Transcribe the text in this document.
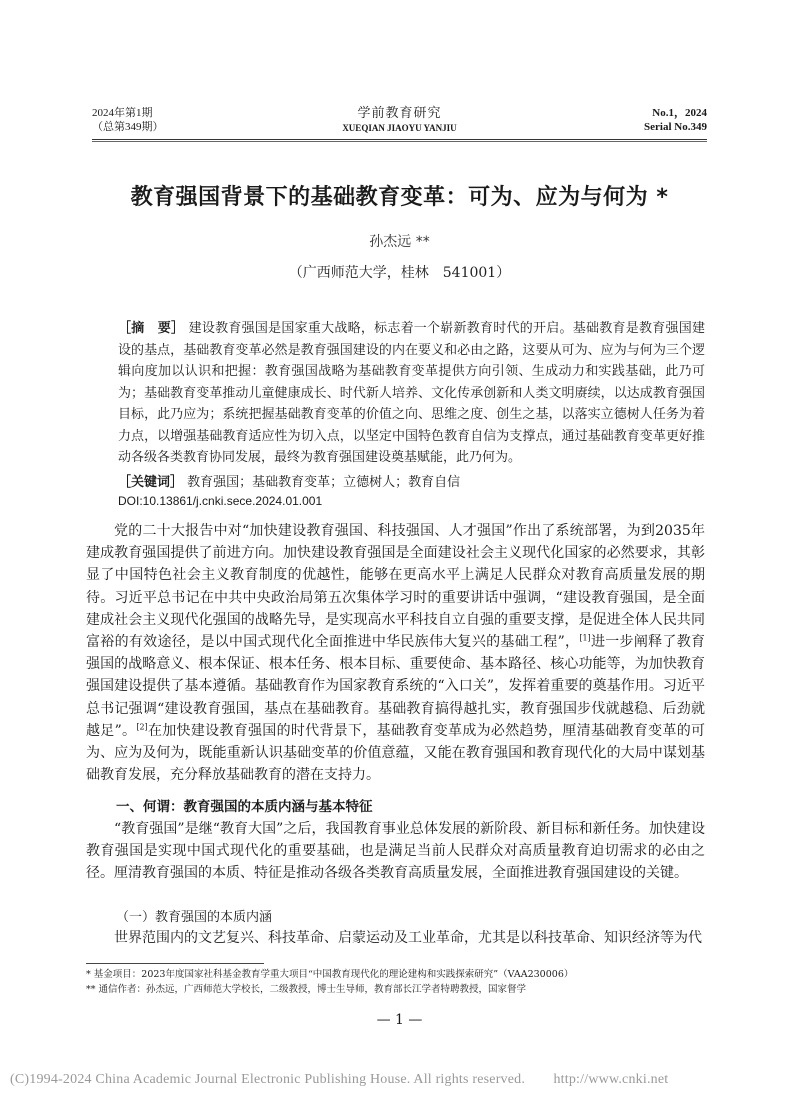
2024年第1期
（总第349期）
学前教育研究
XUEQIAN JIAOYU YANJIU
No.1，2024
Serial No.349
教育强国背景下的基础教育变革：可为、应为与何为 *
孙杰远 **
（广西师范大学，桂林　541001）
［摘　要］ 建设教育强国是国家重大战略，标志着一个崭新教育时代的开启。基础教育是教育强国建设的基点，基础教育变革必然是教育强国建设的内在要义和必由之路，这要从可为、应为与何为三个逻辑向度加以认识和把握：教育强国战略为基础教育变革提供方向引领、生成动力和实践基础，此乃可为；基础教育变革推动儿童健康成长、时代新人培养、文化传承创新和人类文明赓续，以达成教育强国目标，此乃应为；系统把握基础教育变革的价值之向、思维之度、创生之基，以落实立德树人任务为着力点，以增强基础教育适应性为切入点，以坚定中国特色教育自信为支撑点，通过基础教育变革更好推动各级各类教育协同发展，最终为教育强国建设奠基赋能，此乃何为。
［关键词］ 教育强国；基础教育变革；立德树人；教育自信
DOI:10.13861/j.cnki.sece.2024.01.001

党的二十大报告中对“加快建设教育强国、科技强国、人才强国”作出了系统部署，为到2035年建成教育强国提供了前进方向。加快建设教育强国是全面建设社会主义现代化国家的必然要求，其彰显了中国特色社会主义教育制度的优越性，能够在更高水平上满足人民群众对教育高质量发展的期待。习近平总书记在中共中央政治局第五次集体学习时的重要讲话中强调，“建设教育强国，是全面建成社会主义现代化强国的战略先导，是实现高水平科技自立自强的重要支撑，是促进全体人民共同富裕的有效途径，是以中国式现代化全面推进中华民族伟大复兴的基础工程”，[1]进一步阐释了教育强国的战略意义、根本保证、根本任务、根本目标、重要使命、基本路径、核心功能等，为加快教育强国建设提供了基本遵循。基础教育作为国家教育系统的“入口关”，发挥着重要的奠基作用。习近平总书记强调“建设教育强国，基点在基础教育。基础教育搞得越扎实，教育强国步伐就越稳、后劲就越足”。[2]在加快建设教育强国的时代背景下，基础教育变革成为必然趋势，厘清基础教育变革的可为、应为及何为，既能重新认识基础变革的价值意蕴，又能在教育强国和教育现代化的大局中谋划基础教育发展，充分释放基础教育的潜在支持力。

一、何谓：教育强国的本质内涵与基本特征

“教育强国”是继“教育大国”之后，我国教育事业总体发展的新阶段、新目标和新任务。加快建设教育强国是实现中国式现代化的重要基础，也是满足当前人民群众对高质量教育迫切需求的必由之径。厘清教育强国的本质、特征是推动各级各类教育高质量发展，全面推进教育强国建设的关键。

（一）教育强国的本质内涵

世界范围内的文艺复兴、科技革命、启蒙运动及工业革命，尤其是以科技革命、知识经济等为代

* 基金项目：2023年度国家社科基金教育学重大项目“中国教育现代化的理论建构和实践探索研究”（VAA230006）
** 通信作者：孙杰远，广西师范大学校长，二级教授，博士生导师，教育部长江学者特聘教授，国家督学
— 1 —
(C)1994-2024 China Academic Journal Electronic Publishing House. All rights reserved.　　http://www.cnki.net
